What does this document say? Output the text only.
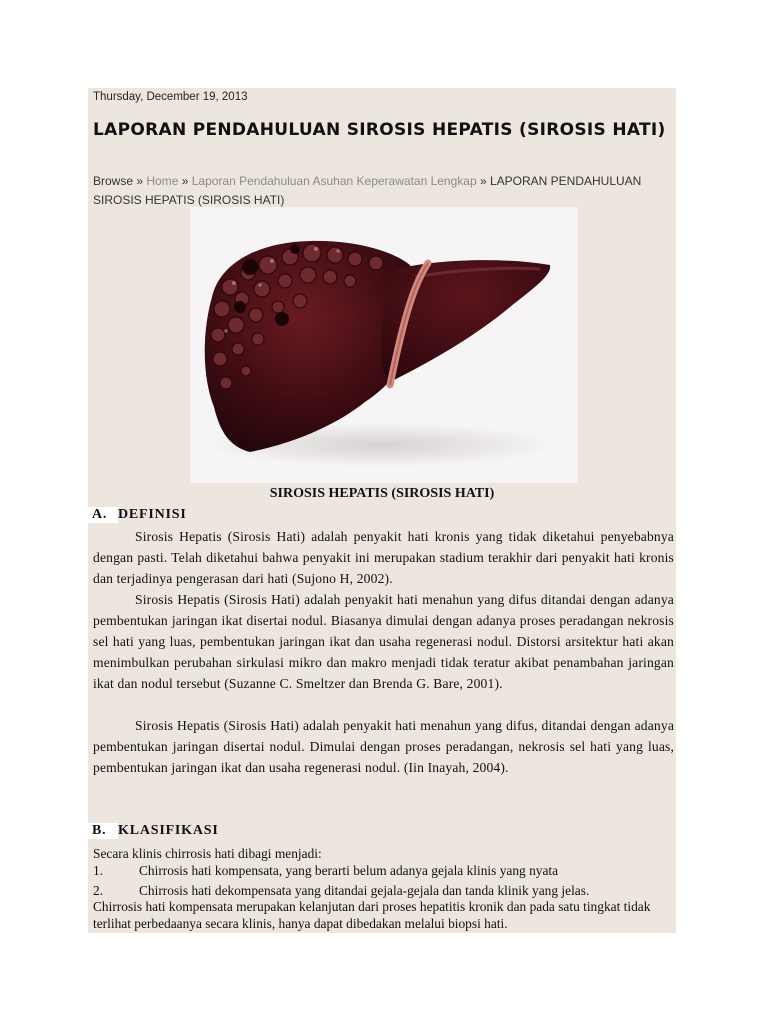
Thursday, December 19, 2013
LAPORAN PENDAHULUAN SIROSIS HEPATIS (SIROSIS HATI)
Browse » Home » Laporan Pendahuluan Asuhan Keperawatan Lengkap » LAPORAN PENDAHULUAN SIROSIS HEPATIS (SIROSIS HATI)
SIROSIS HEPATIS (SIROSIS HATI)
A. DEFINISI

Sirosis Hepatis (Sirosis Hati) adalah penyakit hati kronis yang tidak diketahui penyebabnya dengan pasti. Telah diketahui bahwa penyakit ini merupakan stadium terakhir dari penyakit hati kronis dan terjadinya pengerasan dari hati (Sujono H, 2002).

Sirosis Hepatis (Sirosis Hati) adalah penyakit hati menahun yang difus ditandai dengan adanya pembentukan jaringan ikat disertai nodul. Biasanya dimulai dengan adanya proses peradangan nekrosis sel hati yang luas, pembentukan jaringan ikat dan usaha regenerasi nodul. Distorsi arsitektur hati akan menimbulkan perubahan sirkulasi mikro dan makro menjadi tidak teratur akibat penambahan jaringan ikat dan nodul tersebut (Suzanne C. Smeltzer dan Brenda G. Bare, 2001).

Sirosis Hepatis (Sirosis Hati) adalah penyakit hati menahun yang difus, ditandai dengan adanya pembentukan jaringan disertai nodul. Dimulai dengan proses peradangan, nekrosis sel hati yang luas, pembentukan jaringan ikat dan usaha regenerasi nodul. (Iin Inayah, 2004).

B. KLASIFIKASI
Secara klinis chirrosis hati dibagi menjadi:
1.	Chirrosis hati kompensata, yang berarti belum adanya gejala klinis yang nyata
2.	Chirrosis hati dekompensata yang ditandai gejala-gejala dan tanda klinik yang jelas.

Chirrosis hati kompensata merupakan kelanjutan dari proses hepatitis kronik dan pada satu tingkat tidak terlihat perbedaanya secara klinis, hanya dapat dibedakan melalui biopsi hati.
